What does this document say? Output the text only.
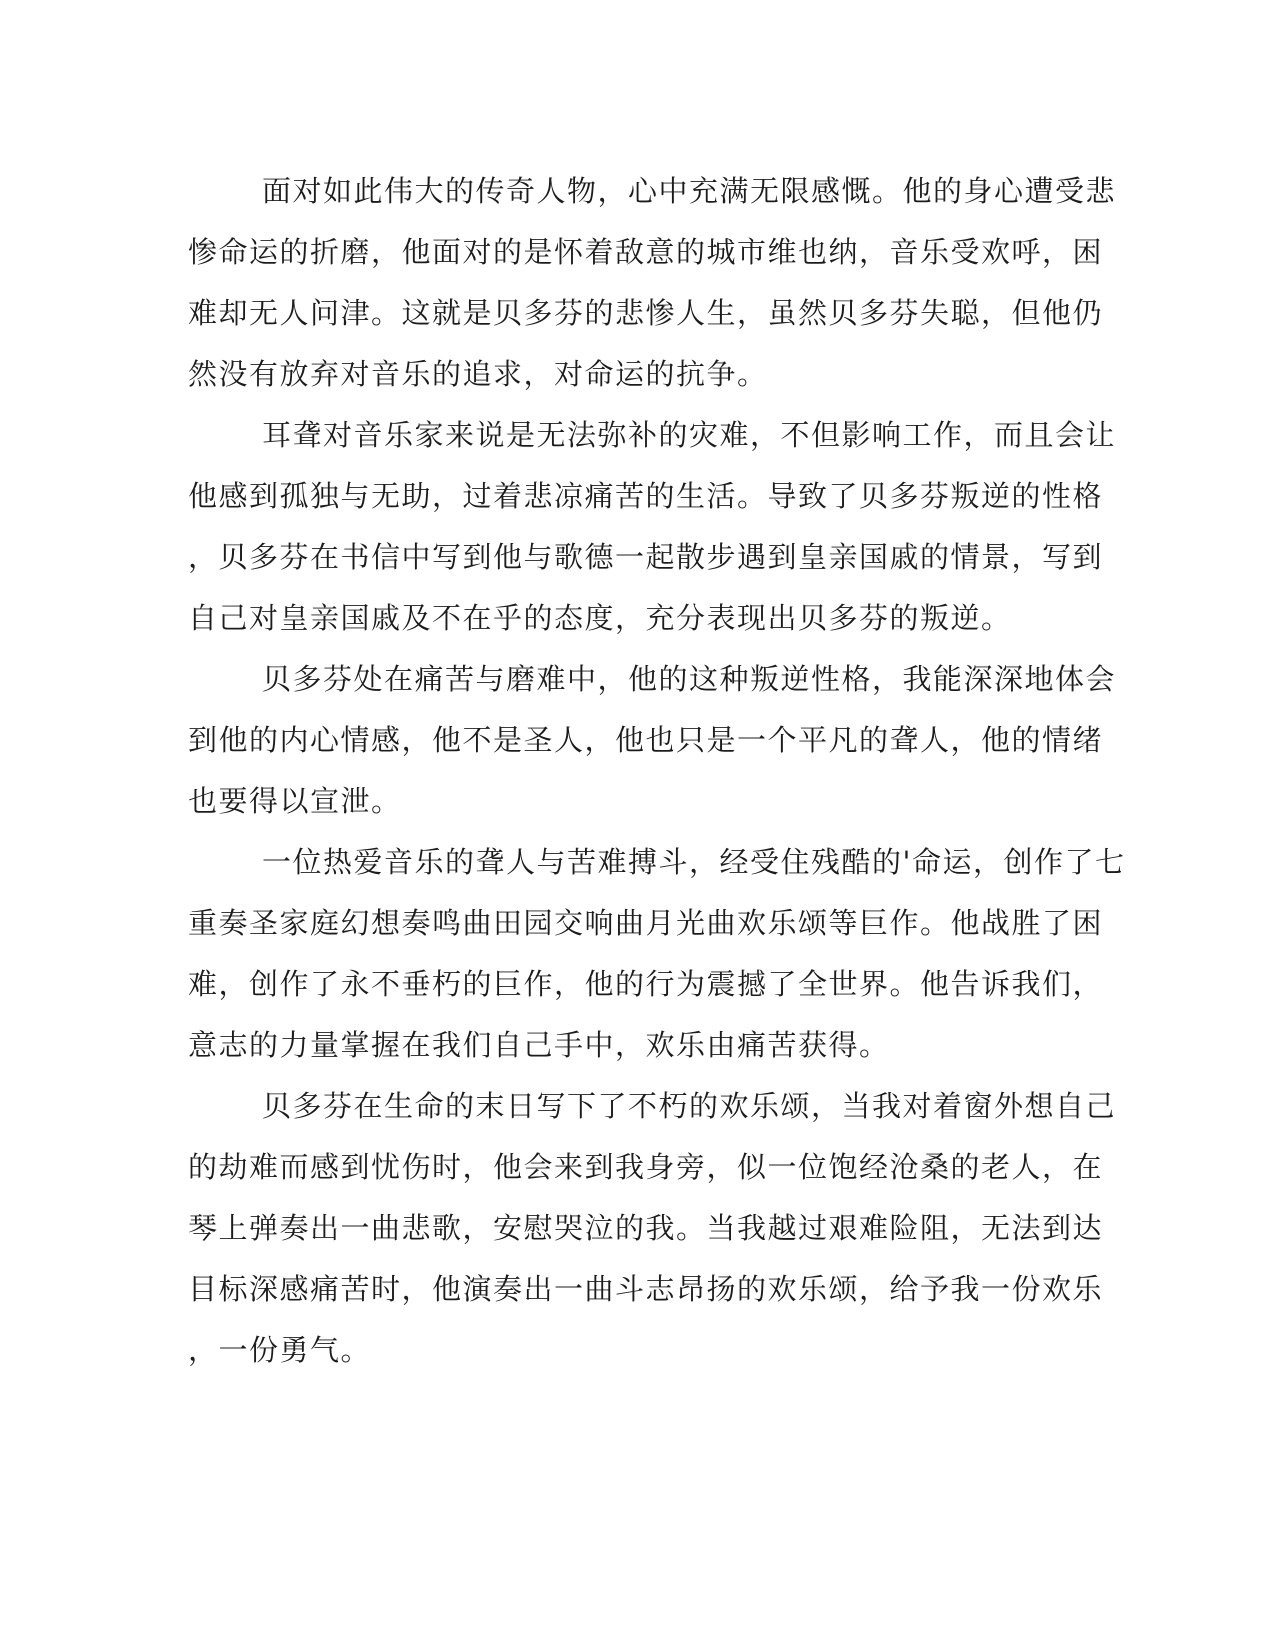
面对如此伟大的传奇人物，心中充满无限感慨。他的身心遭受悲
惨命运的折磨，他面对的是怀着敌意的城市维也纳，音乐受欢呼，困
难却无人问津。这就是贝多芬的悲惨人生，虽然贝多芬失聪，但他仍
然没有放弃对音乐的追求，对命运的抗争。
耳聋对音乐家来说是无法弥补的灾难，不但影响工作，而且会让
他感到孤独与无助，过着悲凉痛苦的生活。导致了贝多芬叛逆的性格
，贝多芬在书信中写到他与歌德一起散步遇到皇亲国戚的情景，写到
自己对皇亲国戚及不在乎的态度，充分表现出贝多芬的叛逆。
贝多芬处在痛苦与磨难中，他的这种叛逆性格，我能深深地体会
到他的内心情感，他不是圣人，他也只是一个平凡的聋人，他的情绪
也要得以宣泄。
一位热爱音乐的聋人与苦难搏斗，经受住残酷的'命运，创作了七
重奏圣家庭幻想奏鸣曲田园交响曲月光曲欢乐颂等巨作。他战胜了困
难，创作了永不垂朽的巨作，他的行为震撼了全世界。他告诉我们，
意志的力量掌握在我们自己手中，欢乐由痛苦获得。
贝多芬在生命的末日写下了不朽的欢乐颂，当我对着窗外想自己
的劫难而感到忧伤时，他会来到我身旁，似一位饱经沧桑的老人，在
琴上弹奏出一曲悲歌，安慰哭泣的我。当我越过艰难险阻，无法到达
目标深感痛苦时，他演奏出一曲斗志昂扬的欢乐颂，给予我一份欢乐
，一份勇气。
